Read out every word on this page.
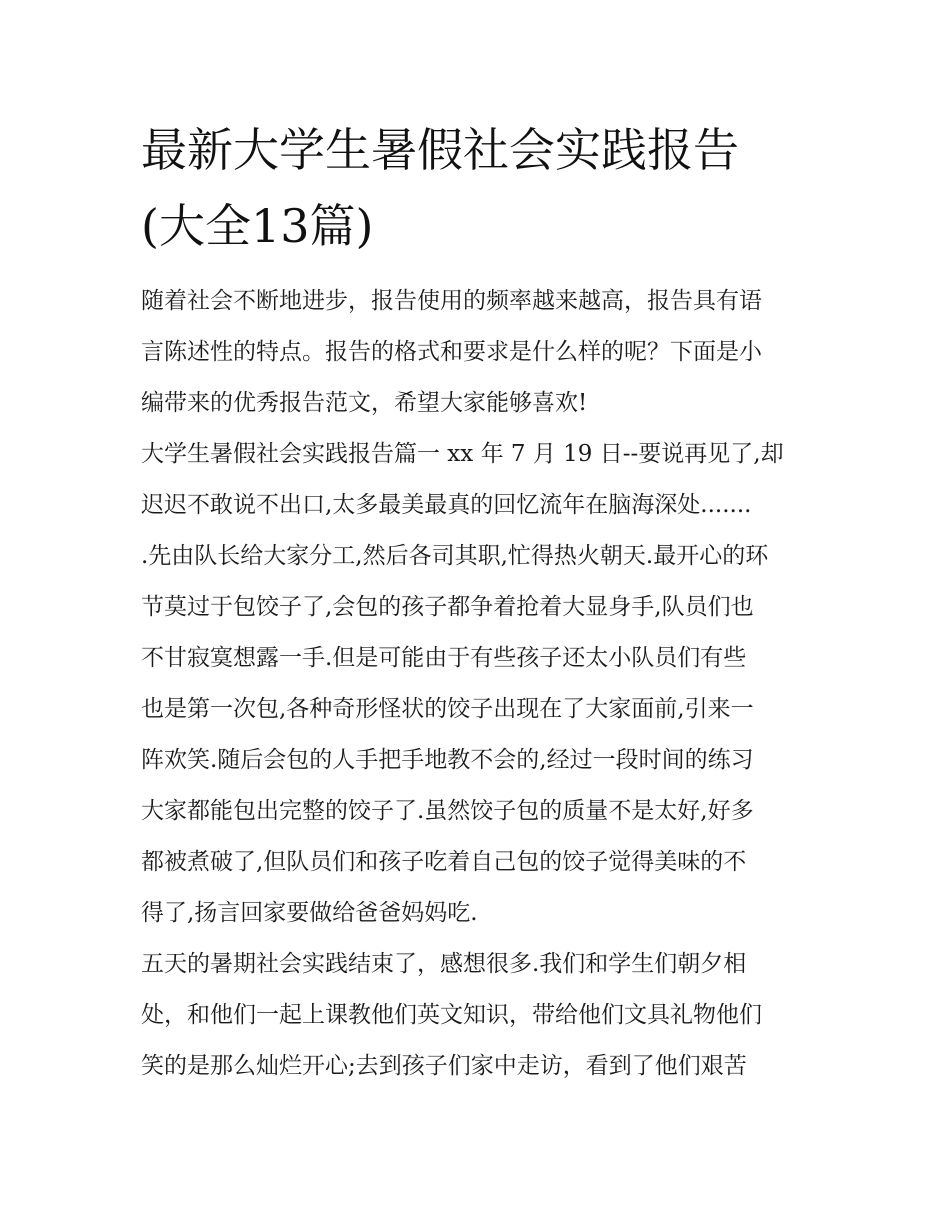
最新大学生暑假社会实践报告
(大全13篇)
随着社会不断地进步，报告使用的频率越来越高，报告具有语
言陈述性的特点。报告的格式和要求是什么样的呢？下面是小
编带来的优秀报告范文，希望大家能够喜欢!
大学生暑假社会实践报告篇一 xx 年 7 月 19 日--要说再见了,却
迟迟不敢说不出口,太多最美最真的回忆流年在脑海深处.......
.先由队长给大家分工,然后各司其职,忙得热火朝天.最开心的环
节莫过于包饺子了,会包的孩子都争着抢着大显身手,队员们也
不甘寂寞想露一手.但是可能由于有些孩子还太小队员们有些
也是第一次包,各种奇形怪状的饺子出现在了大家面前,引来一
阵欢笑.随后会包的人手把手地教不会的,经过一段时间的练习
大家都能包出完整的饺子了.虽然饺子包的质量不是太好,好多
都被煮破了,但队员们和孩子吃着自己包的饺子觉得美味的不
得了,扬言回家要做给爸爸妈妈吃.
五天的暑期社会实践结束了，感想很多.我们和学生们朝夕相
处，和他们一起上课教他们英文知识，带给他们文具礼物他们
笑的是那么灿烂开心;去到孩子们家中走访，看到了他们艰苦
